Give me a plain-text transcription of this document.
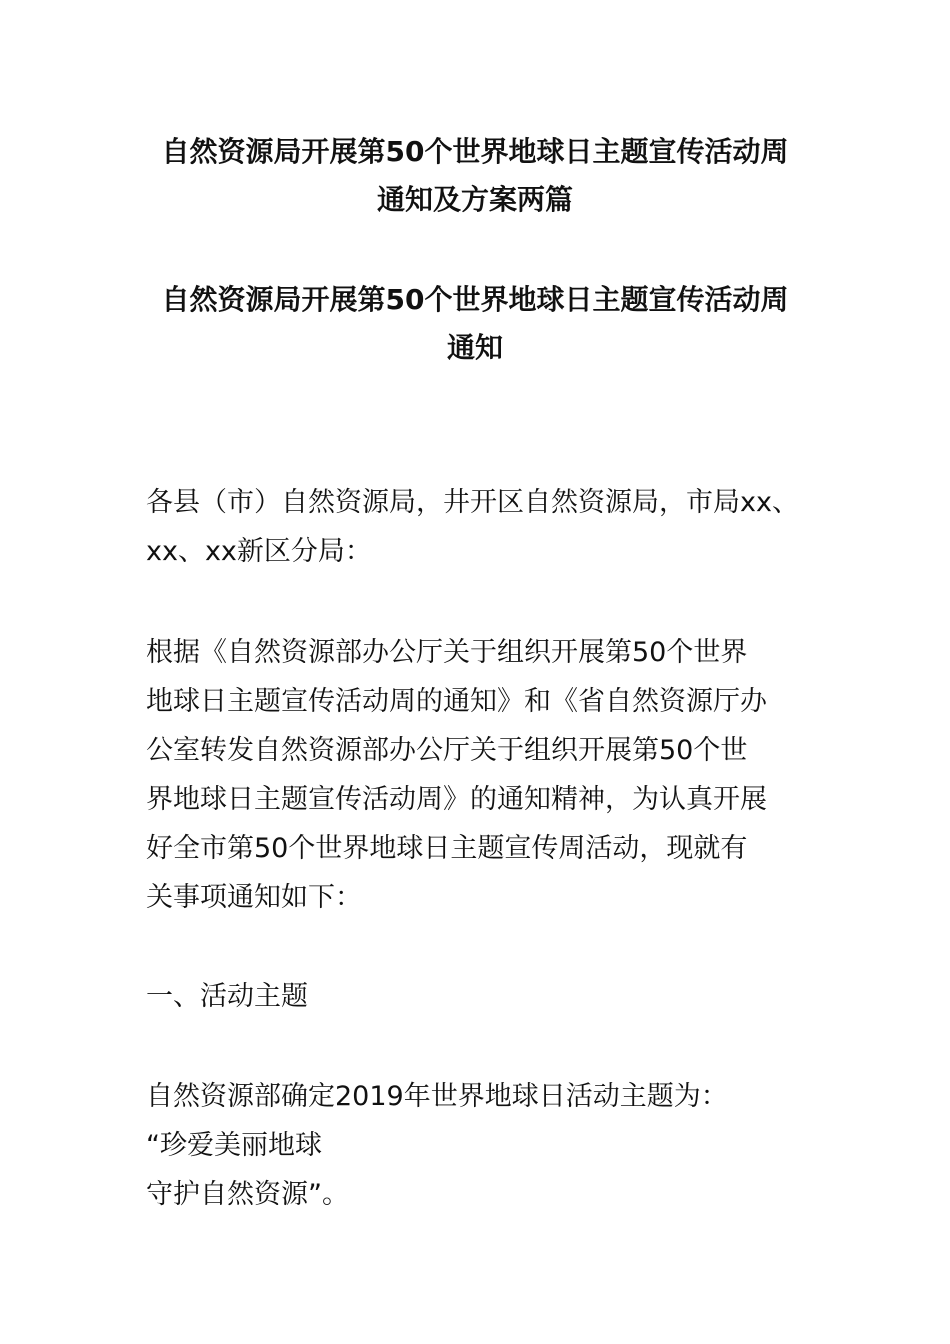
自然资源局开展第50个世界地球日主题宣传活动周
通知及方案两篇
自然资源局开展第50个世界地球日主题宣传活动周
通知
各县（市）自然资源局，井开区自然资源局，市局xx、
xx、xx新区分局：
根据《自然资源部办公厅关于组织开展第50个世界
地球日主题宣传活动周的通知》和《省自然资源厅办
公室转发自然资源部办公厅关于组织开展第50个世
界地球日主题宣传活动周》的通知精神，为认真开展
好全市第50个世界地球日主题宣传周活动，现就有
关事项通知如下：
一、活动主题
自然资源部确定2019年世界地球日活动主题为：
“珍爱美丽地球
守护自然资源”。
